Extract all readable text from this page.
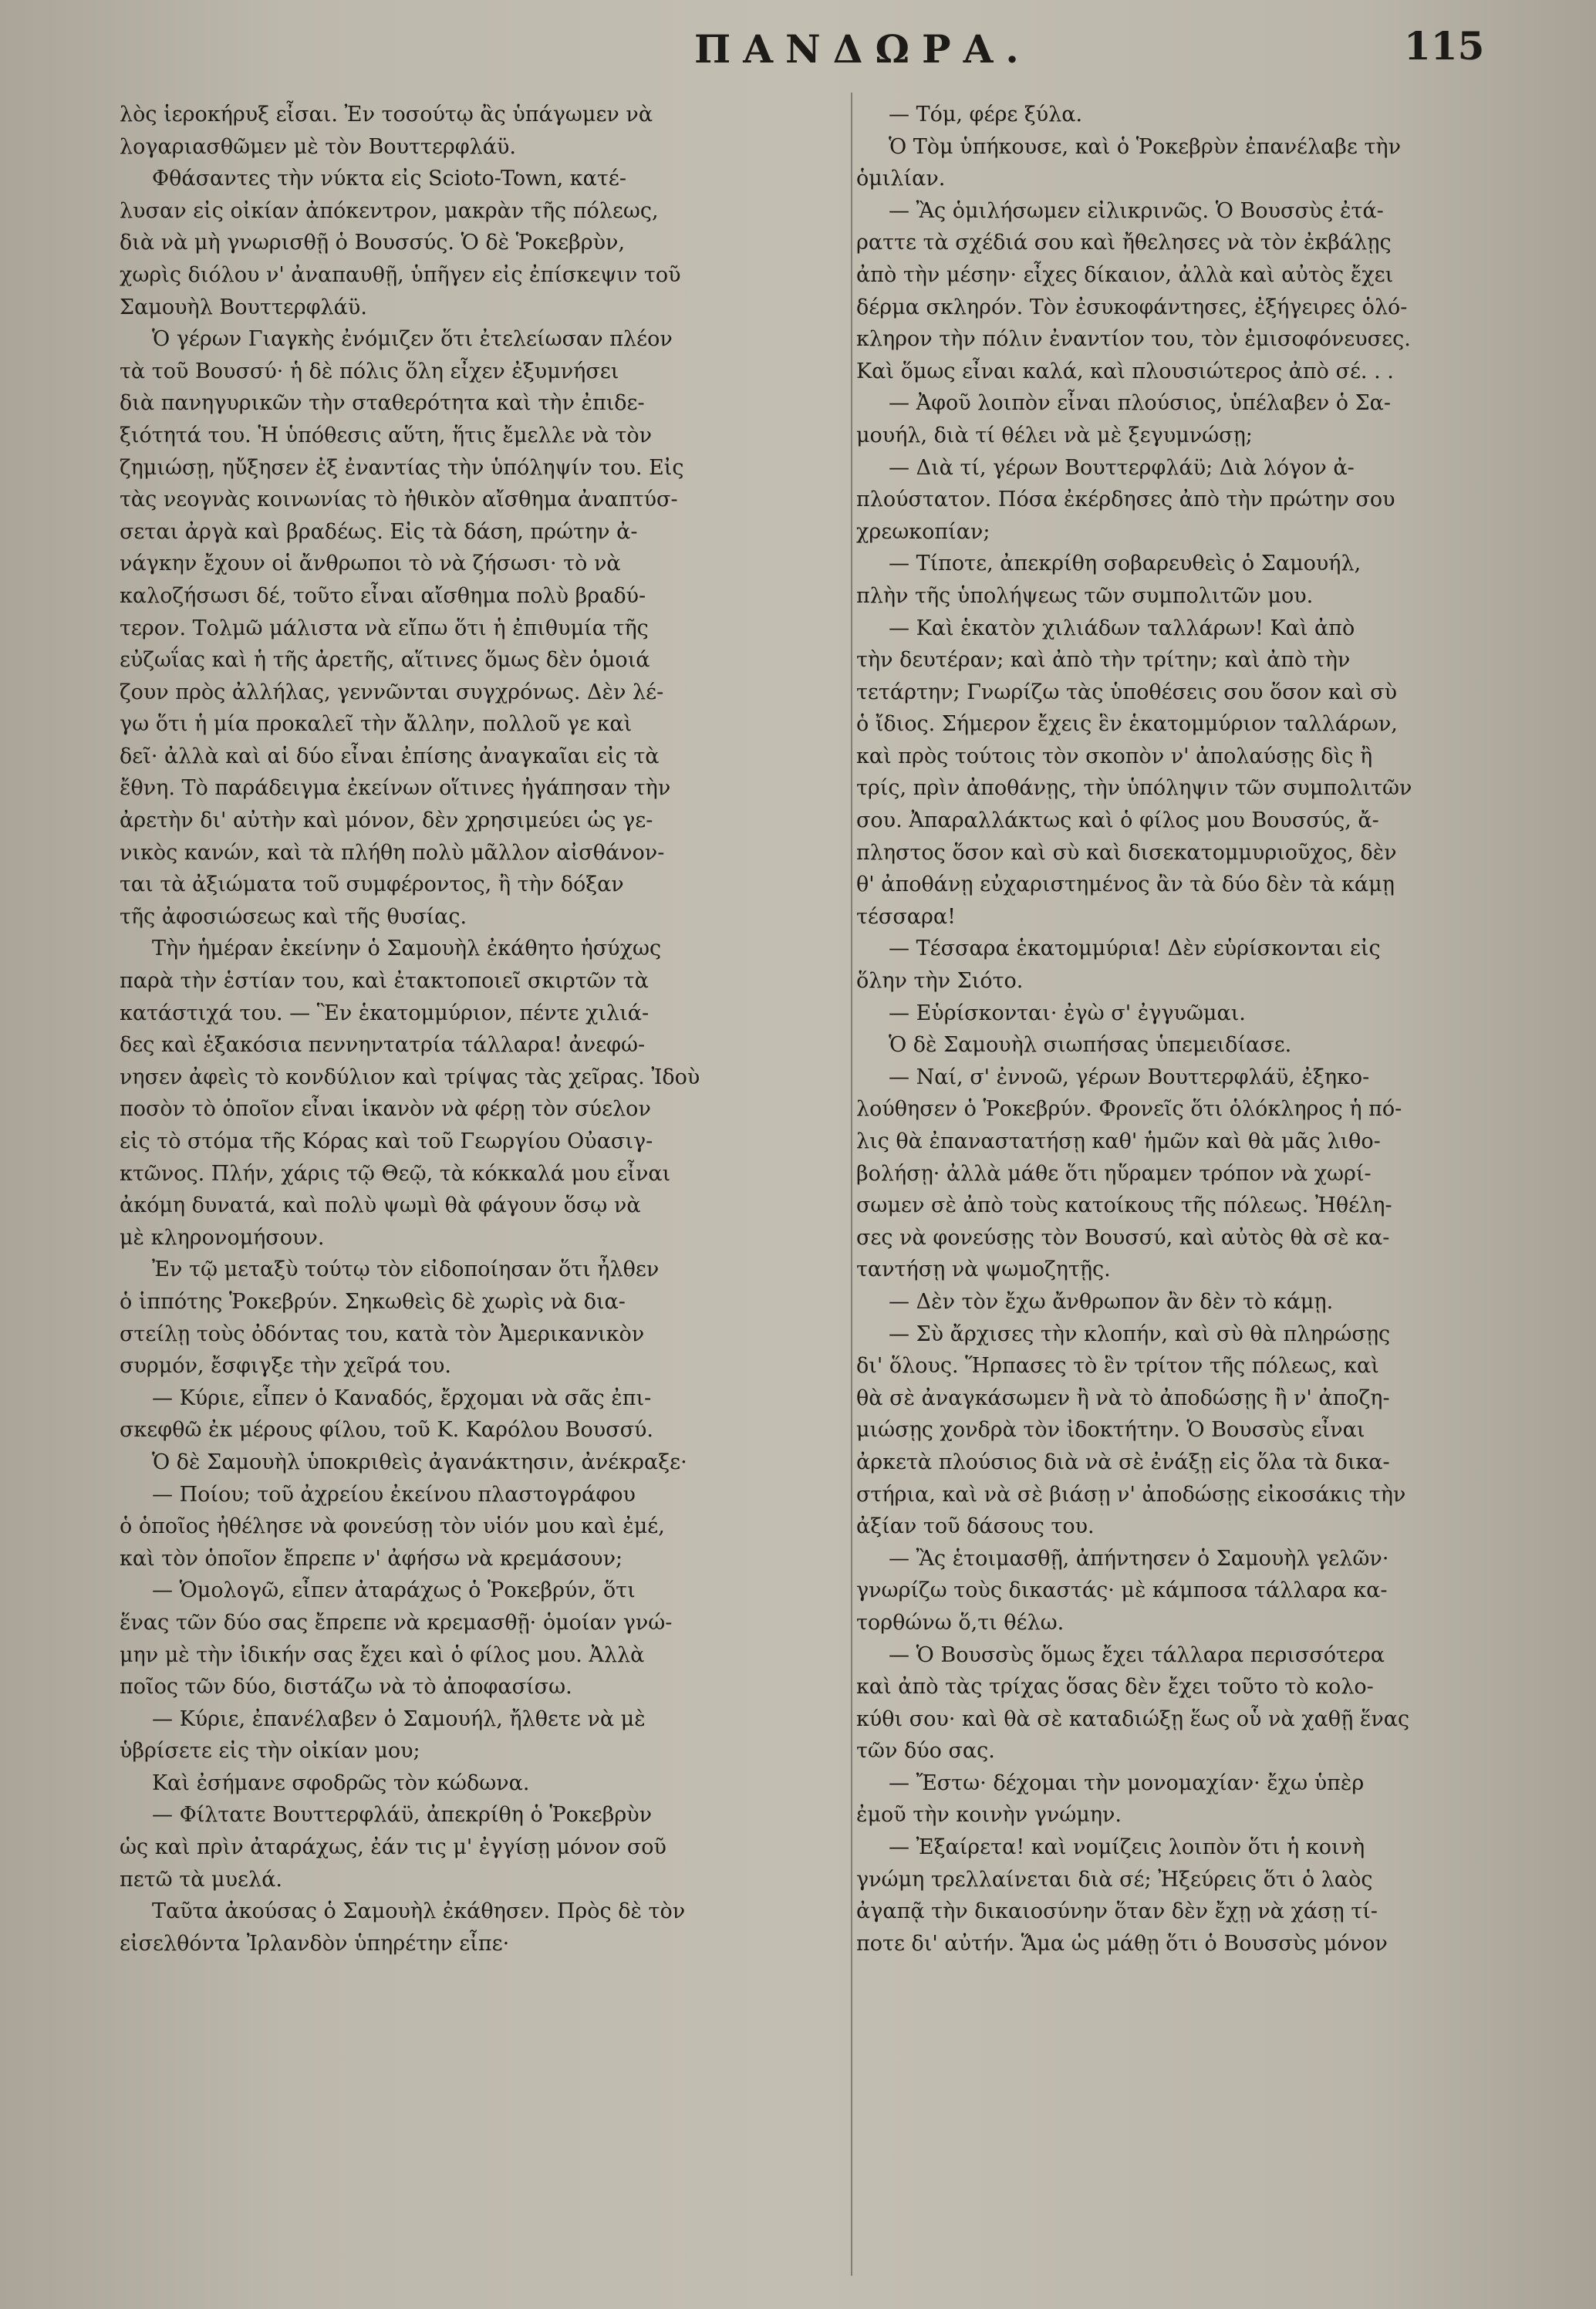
ΠΑΝΔΩΡΑ.	115
λὸς ἱεροκήρυξ εἶσαι. Ἐν τοσούτῳ ἂς ὑπάγωμεν νὰ
λογαριασθῶμεν μὲ τὸν Βουττερφλάϋ.
Φθάσαντες τὴν νύκτα εἰς Scioto-Town, κατέ-
λυσαν εἰς οἰκίαν ἀπόκεντρον, μακρὰν τῆς πόλεως,
διὰ νὰ μὴ γνωρισθῇ ὁ Βουσσύς. Ὁ δὲ Ῥοκεβρὺν,
χωρὶς διόλου ν' ἀναπαυθῇ, ὑπῆγεν εἰς ἐπίσκεψιν τοῦ
Σαμουὴλ Βουττερφλάϋ.
Ὁ γέρων Γιαγκὴς ἐνόμιζεν ὅτι ἐτελείωσαν πλέον
τὰ τοῦ Βουσσύ· ἡ δὲ πόλις ὅλη εἶχεν ἐξυμνήσει
διὰ πανηγυρικῶν τὴν σταθερότητα καὶ τὴν ἐπιδε-
ξιότητά του. Ἡ ὑπόθεσις αὕτη, ἥτις ἔμελλε νὰ τὸν
ζημιώσῃ, ηὔξησεν ἐξ ἐναντίας τὴν ὑπόληψίν του. Εἰς
τὰς νεογνὰς κοινωνίας τὸ ἠθικὸν αἴσθημα ἀναπτύσ-
σεται ἀργὰ καὶ βραδέως. Εἰς τὰ δάση, πρώτην ἀ-
νάγκην ἔχουν οἱ ἄνθρωποι τὸ νὰ ζήσωσι· τὸ νὰ
καλοζήσωσι δέ, τοῦτο εἶναι αἴσθημα πολὺ βραδύ-
τερον. Τολμῶ μάλιστα νὰ εἴπω ὅτι ἡ ἐπιθυμία τῆς
εὐζωΐας καὶ ἡ τῆς ἀρετῆς, αἵτινες ὅμως δὲν ὁμοιά
ζουν πρὸς ἀλλήλας, γεννῶνται συγχρόνως. Δὲν λέ-
γω ὅτι ἡ μία προκαλεῖ τὴν ἄλλην, πολλοῦ γε καὶ
δεῖ· ἀλλὰ καὶ αἱ δύο εἶναι ἐπίσης ἀναγκαῖαι εἰς τὰ
ἔθνη. Τὸ παράδειγμα ἐκείνων οἵτινες ἠγάπησαν τὴν
ἀρετὴν δι' αὐτὴν καὶ μόνον, δὲν χρησιμεύει ὡς γε-
νικὸς κανών, καὶ τὰ πλήθη πολὺ μᾶλλον αἰσθάνον-
ται τὰ ἀξιώματα τοῦ συμφέροντος, ἢ τὴν δόξαν
τῆς ἀφοσιώσεως καὶ τῆς θυσίας.
Τὴν ἡμέραν ἐκείνην ὁ Σαμουὴλ ἐκάθητο ἡσύχως
παρὰ τὴν ἑστίαν του, καὶ ἐτακτοποιεῖ σκιρτῶν τὰ
κατάστιχά του. — Ἓν ἑκατομμύριον, πέντε χιλιά-
δες καὶ ἑξακόσια πεννηντατρία τάλλαρα! ἀνεφώ-
νησεν ἀφεὶς τὸ κονδύλιον καὶ τρίψας τὰς χεῖρας. Ἰδοὺ
ποσὸν τὸ ὁποῖον εἶναι ἱκανὸν νὰ φέρῃ τὸν σύελον
εἰς τὸ στόμα τῆς Κόρας καὶ τοῦ Γεωργίου Οὐασιγ-
κτῶνος. Πλήν, χάρις τῷ Θεῷ, τὰ κόκκαλά μου εἶναι
ἀκόμη δυνατά, καὶ πολὺ ψωμὶ θὰ φάγουν ὅσῳ νὰ
μὲ κληρονομήσουν.
Ἐν τῷ μεταξὺ τούτῳ τὸν εἰδοποίησαν ὅτι ἦλθεν
ὁ ἱππότης Ῥοκεβρύν. Σηκωθεὶς δὲ χωρὶς νὰ δια-
στείλῃ τοὺς ὀδόντας του, κατὰ τὸν Ἀμερικανικὸν
συρμόν, ἔσφιγξε τὴν χεῖρά του.
— Κύριε, εἶπεν ὁ Καναδός, ἔρχομαι νὰ σᾶς ἐπι-
σκεφθῶ ἐκ μέρους φίλου, τοῦ Κ. Καρόλου Βουσσύ.
Ὁ δὲ Σαμουὴλ ὑποκριθεὶς ἀγανάκτησιν, ἀνέκραξε·
— Ποίου; τοῦ ἀχρείου ἐκείνου πλαστογράφου
ὁ ὁποῖος ἠθέλησε νὰ φονεύσῃ τὸν υἱόν μου καὶ ἐμέ,
καὶ τὸν ὁποῖον ἔπρεπε ν' ἀφήσω νὰ κρεμάσουν;
— Ὁμολογῶ, εἶπεν ἀταράχως ὁ Ῥοκεβρύν, ὅτι
ἕνας τῶν δύο σας ἔπρεπε νὰ κρεμασθῇ· ὁμοίαν γνώ-
μην μὲ τὴν ἰδικήν σας ἔχει καὶ ὁ φίλος μου. Ἀλλὰ
ποῖος τῶν δύο, διστάζω νὰ τὸ ἀποφασίσω.
— Κύριε, ἐπανέλαβεν ὁ Σαμουήλ, ἤλθετε νὰ μὲ
ὑβρίσετε εἰς τὴν οἰκίαν μου;
Καὶ ἐσήμανε σφοδρῶς τὸν κώδωνα.
— Φίλτατε Βουττερφλάϋ, ἀπεκρίθη ὁ Ῥοκεβρὺν
ὡς καὶ πρὶν ἀταράχως, ἐάν τις μ' ἐγγίσῃ μόνον σοῦ
πετῶ τὰ μυελά.
Ταῦτα ἀκούσας ὁ Σαμουὴλ ἐκάθησεν. Πρὸς δὲ τὸν
εἰσελθόντα Ἰρλανδὸν ὑπηρέτην εἶπε·
— Τόμ, φέρε ξύλα.
Ὁ Τὸμ ὑπήκουσε, καὶ ὁ Ῥοκεβρὺν ἐπανέλαβε τὴν
ὁμιλίαν.
— Ἂς ὁμιλήσωμεν εἰλικρινῶς. Ὁ Βουσσὺς ἐτά-
ραττε τὰ σχέδιά σου καὶ ἤθελησες νὰ τὸν ἐκβάλῃς
ἀπὸ τὴν μέσην· εἶχες δίκαιον, ἀλλὰ καὶ αὐτὸς ἔχει
δέρμα σκληρόν. Τὸν ἐσυκοφάντησες, ἐξήγειρες ὁλό-
κληρον τὴν πόλιν ἐναντίον του, τὸν ἐμισοφόνευσες.
Καὶ ὅμως εἶναι καλά, καὶ πλουσιώτερος ἀπὸ σέ. . .
— Ἀφοῦ λοιπὸν εἶναι πλούσιος, ὑπέλαβεν ὁ Σα-
μουήλ, διὰ τί θέλει νὰ μὲ ξεγυμνώσῃ;
— Διὰ τί, γέρων Βουττερφλάϋ; Διὰ λόγον ἀ-
πλούστατον. Πόσα ἐκέρδησες ἀπὸ τὴν πρώτην σου
χρεωκοπίαν;
— Τίποτε, ἀπεκρίθη σοβαρευθεὶς ὁ Σαμουήλ,
πλὴν τῆς ὑπολήψεως τῶν συμπολιτῶν μου.
— Καὶ ἑκατὸν χιλιάδων ταλλάρων! Καὶ ἀπὸ
τὴν δευτέραν; καὶ ἀπὸ τὴν τρίτην; καὶ ἀπὸ τὴν
τετάρτην; Γνωρίζω τὰς ὑποθέσεις σου ὅσον καὶ σὺ
ὁ ἴδιος. Σήμερον ἔχεις ἓν ἑκατομμύριον ταλλάρων,
καὶ πρὸς τούτοις τὸν σκοπὸν ν' ἀπολαύσῃς δὶς ἢ
τρίς, πρὶν ἀποθάνῃς, τὴν ὑπόληψιν τῶν συμπολιτῶν
σου. Ἀπαραλλάκτως καὶ ὁ φίλος μου Βουσσύς, ἄ-
πληστος ὅσον καὶ σὺ καὶ δισεκατομμυριοῦχος, δὲν
θ' ἀποθάνῃ εὐχαριστημένος ἂν τὰ δύο δὲν τὰ κάμῃ
τέσσαρα!
— Τέσσαρα ἑκατομμύρια! Δὲν εὑρίσκονται εἰς
ὅλην τὴν Σιότο.
— Εὑρίσκονται· ἐγὼ σ' ἐγγυῶμαι.
Ὁ δὲ Σαμουὴλ σιωπήσας ὑπεμειδίασε.
— Ναί, σ' ἐννοῶ, γέρων Βουττερφλάϋ, ἐξηκο-
λούθησεν ὁ Ῥοκεβρύν. Φρονεῖς ὅτι ὁλόκληρος ἡ πό-
λις θὰ ἐπαναστατήσῃ καθ' ἡμῶν καὶ θὰ μᾶς λιθο-
βολήσῃ· ἀλλὰ μάθε ὅτι ηὕραμεν τρόπον νὰ χωρί-
σωμεν σὲ ἀπὸ τοὺς κατοίκους τῆς πόλεως. Ἠθέλη-
σες νὰ φονεύσῃς τὸν Βουσσύ, καὶ αὐτὸς θὰ σὲ κα-
ταντήσῃ νὰ ψωμοζητῇς.
— Δὲν τὸν ἔχω ἄνθρωπον ἂν δὲν τὸ κάμῃ.
— Σὺ ἄρχισες τὴν κλοπήν, καὶ σὺ θὰ πληρώσῃς
δι' ὅλους. Ἥρπασες τὸ ἓν τρίτον τῆς πόλεως, καὶ
θὰ σὲ ἀναγκάσωμεν ἢ νὰ τὸ ἀποδώσῃς ἢ ν' ἀποζη-
μιώσῃς χονδρὰ τὸν ἰδοκτήτην. Ὁ Βουσσὺς εἶναι
ἀρκετὰ πλούσιος διὰ νὰ σὲ ἐνάξῃ εἰς ὅλα τὰ δικα-
στήρια, καὶ νὰ σὲ βιάσῃ ν' ἀποδώσῃς εἰκοσάκις τὴν
ἀξίαν τοῦ δάσους του.
— Ἂς ἑτοιμασθῇ, ἀπήντησεν ὁ Σαμουὴλ γελῶν·
γνωρίζω τοὺς δικαστάς· μὲ κάμποσα τάλλαρα κα-
τορθώνω ὅ,τι θέλω.
— Ὁ Βουσσὺς ὅμως ἔχει τάλλαρα περισσότερα
καὶ ἀπὸ τὰς τρίχας ὅσας δὲν ἔχει τοῦτο τὸ κολο-
κύθι σου· καὶ θὰ σὲ καταδιώξῃ ἕως οὗ νὰ χαθῇ ἕνας
τῶν δύο σας.
— Ἔστω· δέχομαι τὴν μονομαχίαν· ἔχω ὑπὲρ
ἐμοῦ τὴν κοινὴν γνώμην.
— Ἐξαίρετα! καὶ νομίζεις λοιπὸν ὅτι ἡ κοινὴ
γνώμη τρελλαίνεται διὰ σέ; Ἠξεύρεις ὅτι ὁ λαὸς
ἀγαπᾷ τὴν δικαιοσύνην ὅταν δὲν ἔχῃ νὰ χάσῃ τί-
ποτε δι' αὐτήν. Ἅμα ὡς μάθῃ ὅτι ὁ Βουσσὺς μόνον
